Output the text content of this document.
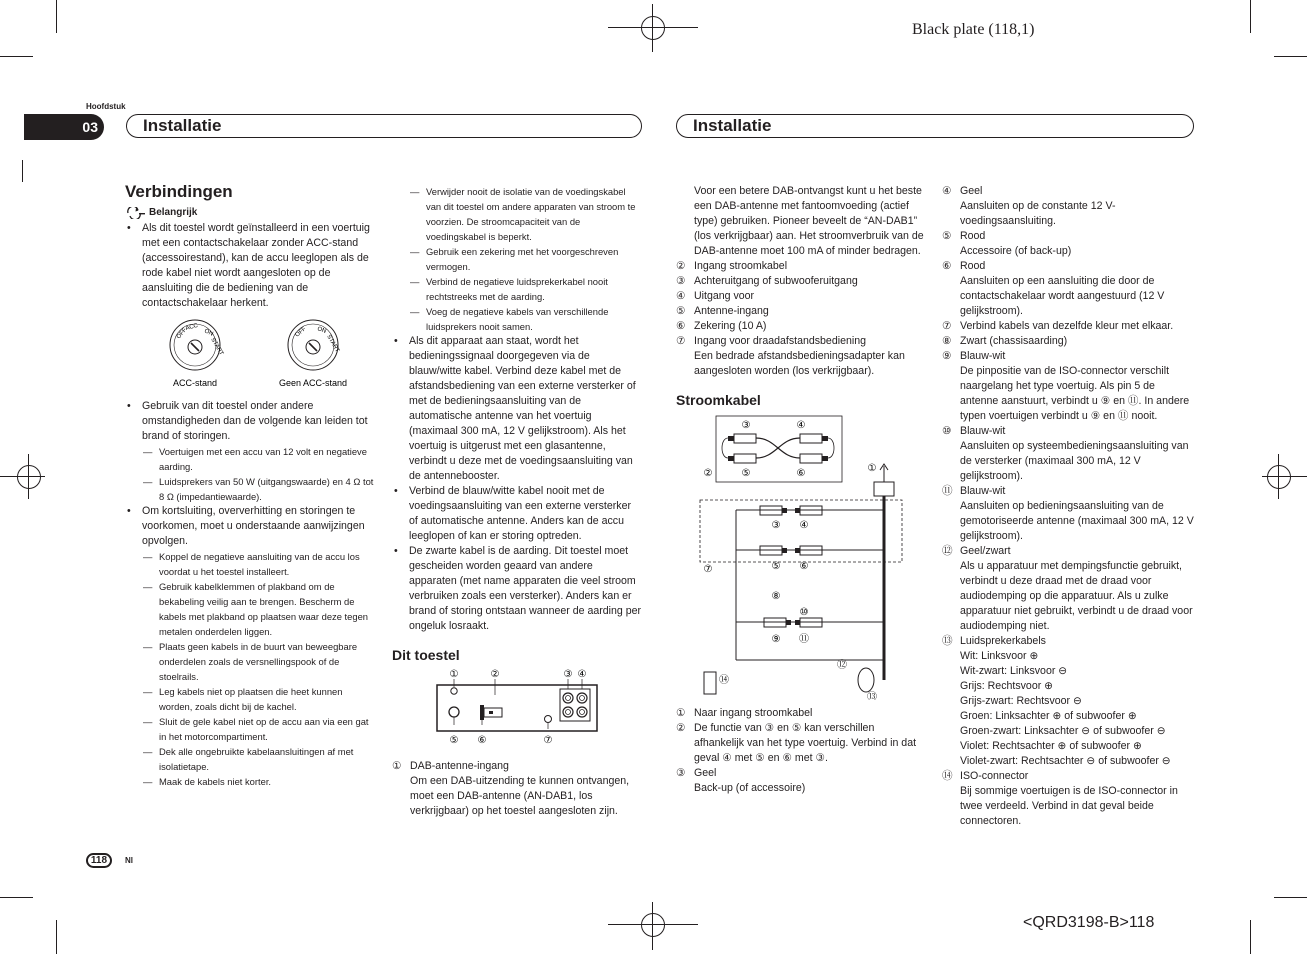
Black plate (118,1)
Hoofdstuk
03	Installatie	Installatie
Verbindingen
Belangrijk

• Als dit toestel wordt geïnstalleerd in een voertuig met een contactschakelaar zonder ACC-stand (accessoirestand), kan de accu leeglopen als de rode kabel niet wordt aangesloten op de aansluiting die de bediening van de contactschakelaar herkent.

OFF
ACC
ON
START
OFF ON
START
ACC-stand	Geen ACC-stand

• Gebruik van dit toestel onder andere omstandigheden dan de volgende kan leiden tot brand of storingen.

— Voertuigen met een accu van 12 volt en negatieve aarding.

— Luidsprekers van 50 W (uitgangswaarde) en 4 Ω tot 8 Ω (impedantiewaarde).

• Om kortsluiting, oververhitting en storingen te voorkomen, moet u onderstaande aanwijzingen opvolgen.

— Koppel de negatieve aansluiting van de accu los voordat u het toestel installeert.

— Gebruik kabelklemmen of plakband om de bekabeling veilig aan te brengen. Bescherm de kabels met plakband op plaatsen waar deze tegen metalen onderdelen liggen.

— Plaats geen kabels in de buurt van beweegbare onderdelen zoals de versnellingspook of de stoelrails.

— Leg kabels niet op plaatsen die heet kunnen worden, zoals dicht bij de kachel.

— Sluit de gele kabel niet op de accu aan via een gat in het motorcompartiment.

— Dek alle ongebruikte kabelaansluitingen af met isolatietape.

— Maak de kabels niet korter.

— Verwijder nooit de isolatie van de voedingskabel van dit toestel om andere apparaten van stroom te voorzien. De stroomcapaciteit van de voedingskabel is beperkt.

— Gebruik een zekering met het voorgeschreven vermogen.

— Verbind de negatieve luidsprekerkabel nooit rechtstreeks met de aarding.

— Voeg de negatieve kabels van verschillende luidsprekers nooit samen.

• Als dit apparaat aan staat, wordt het bedieningssignaal doorgegeven via de blauw/witte kabel. Verbind deze kabel met de afstandsbediening van een externe versterker of met de bedieningsaansluiting van de automatische antenne van het voertuig (maximaal 300 mA, 12 V gelijkstroom). Als het voertuig is uitgerust met een glasantenne, verbindt u deze met de voedingsaansluiting van de antennebooster.

• Verbind de blauw/witte kabel nooit met de voedingsaansluiting van een externe versterker of automatische antenne. Anders kan de accu leeglopen of kan er storing optreden.

• De zwarte kabel is de aarding. Dit toestel moet gescheiden worden geaard van andere apparaten (met name apparaten die veel stroom verbruiken zoals een versterker). Anders kan er brand of storing ontstaan wanneer de aarding per ongeluk losraakt.

Dit toestel
①	②	③ ④
⑤ ⑥	⑦
① DAB-antenne-ingang

Om een DAB-uitzending te kunnen ontvangen, moet een DAB-antenne (AN-DAB1, los verkrijgbaar) op het toestel aangesloten zijn.

Voor een betere DAB-ontvangst kunt u het beste een DAB-antenne met fantoomvoeding (actief type) gebruiken. Pioneer beveelt de “AN-DAB1” (los verkrijgbaar) aan. Het stroomverbruik van de DAB-antenne moet 100 mA of minder bedragen.

② Ingang stroomkabel
③ Achteruitgang of subwooferuitgang
④ Uitgang voor
⑤ Antenne-ingang
⑥ Zekering (10 A)
⑦ Ingang voor draadafstandsbediening

Een bedrade afstandsbedieningsadapter kan aangesloten worden (los verkrijgbaar).

Stroomkabel
③	④
②	⑤	⑥	①
③ ④
⑤ ⑥
⑦
⑧
⑩
⑨ ⑪
⑫
⑭
⑬
① Naar ingang stroomkabel
② De functie van ③ en ⑤ kan verschillen afhankelijk van het type voertuig. Verbind in dat geval ④ met ⑤ en ⑥ met ③.
③ Geel

Back-up (of accessoire)

④ Geel

Aansluiten op de constante 12 V-voedingsaansluiting.

⑤ Rood

Accessoire (of back-up)

⑥ Rood

Aansluiten op een aansluiting die door de contactschakelaar wordt aangestuurd (12 V gelijkstroom).

⑦ Verbind kabels van dezelfde kleur met elkaar.
⑧ Zwart (chassisaarding)
⑨ Blauw-wit

De pinpositie van de ISO-connector verschilt naargelang het type voertuig. Als pin 5 de antenne aanstuurt, verbindt u ⑨ en ⑪. In andere typen voertuigen verbindt u ⑨ en ⑪ nooit.

⑩ Blauw-wit

Aansluiten op systeembedieningsaansluiting van de versterker (maximaal 300 mA, 12 V gelijkstroom).

⑪ Blauw-wit

Aansluiten op bedieningsaansluiting van de gemotoriseerde antenne (maximaal 300 mA, 12 V gelijkstroom).

⑫ Geel/zwart

Als u apparatuur met dempingsfunctie gebruikt, verbindt u deze draad met de draad voor audiodemping op die apparatuur. Als u zulke apparatuur niet gebruikt, verbindt u de draad voor audiodemping niet.

⑬ Luidsprekerkabels

Wit: Linksvoor ⊕

Wit-zwart: Linksvoor ⊖

Grijs: Rechtsvoor ⊕

Grijs-zwart: Rechtsvoor ⊖

Groen: Linksachter ⊕ of subwoofer ⊕

Groen-zwart: Linksachter ⊖ of subwoofer ⊖

Violet: Rechtsachter ⊕ of subwoofer ⊕

Violet-zwart: Rechtsachter ⊖ of subwoofer ⊖

⑭ ISO-connector

Bij sommige voertuigen is de ISO-connector in twee verdeeld. Verbind in dat geval beide connectoren.

118	Nl
<QRD3198-B>118
